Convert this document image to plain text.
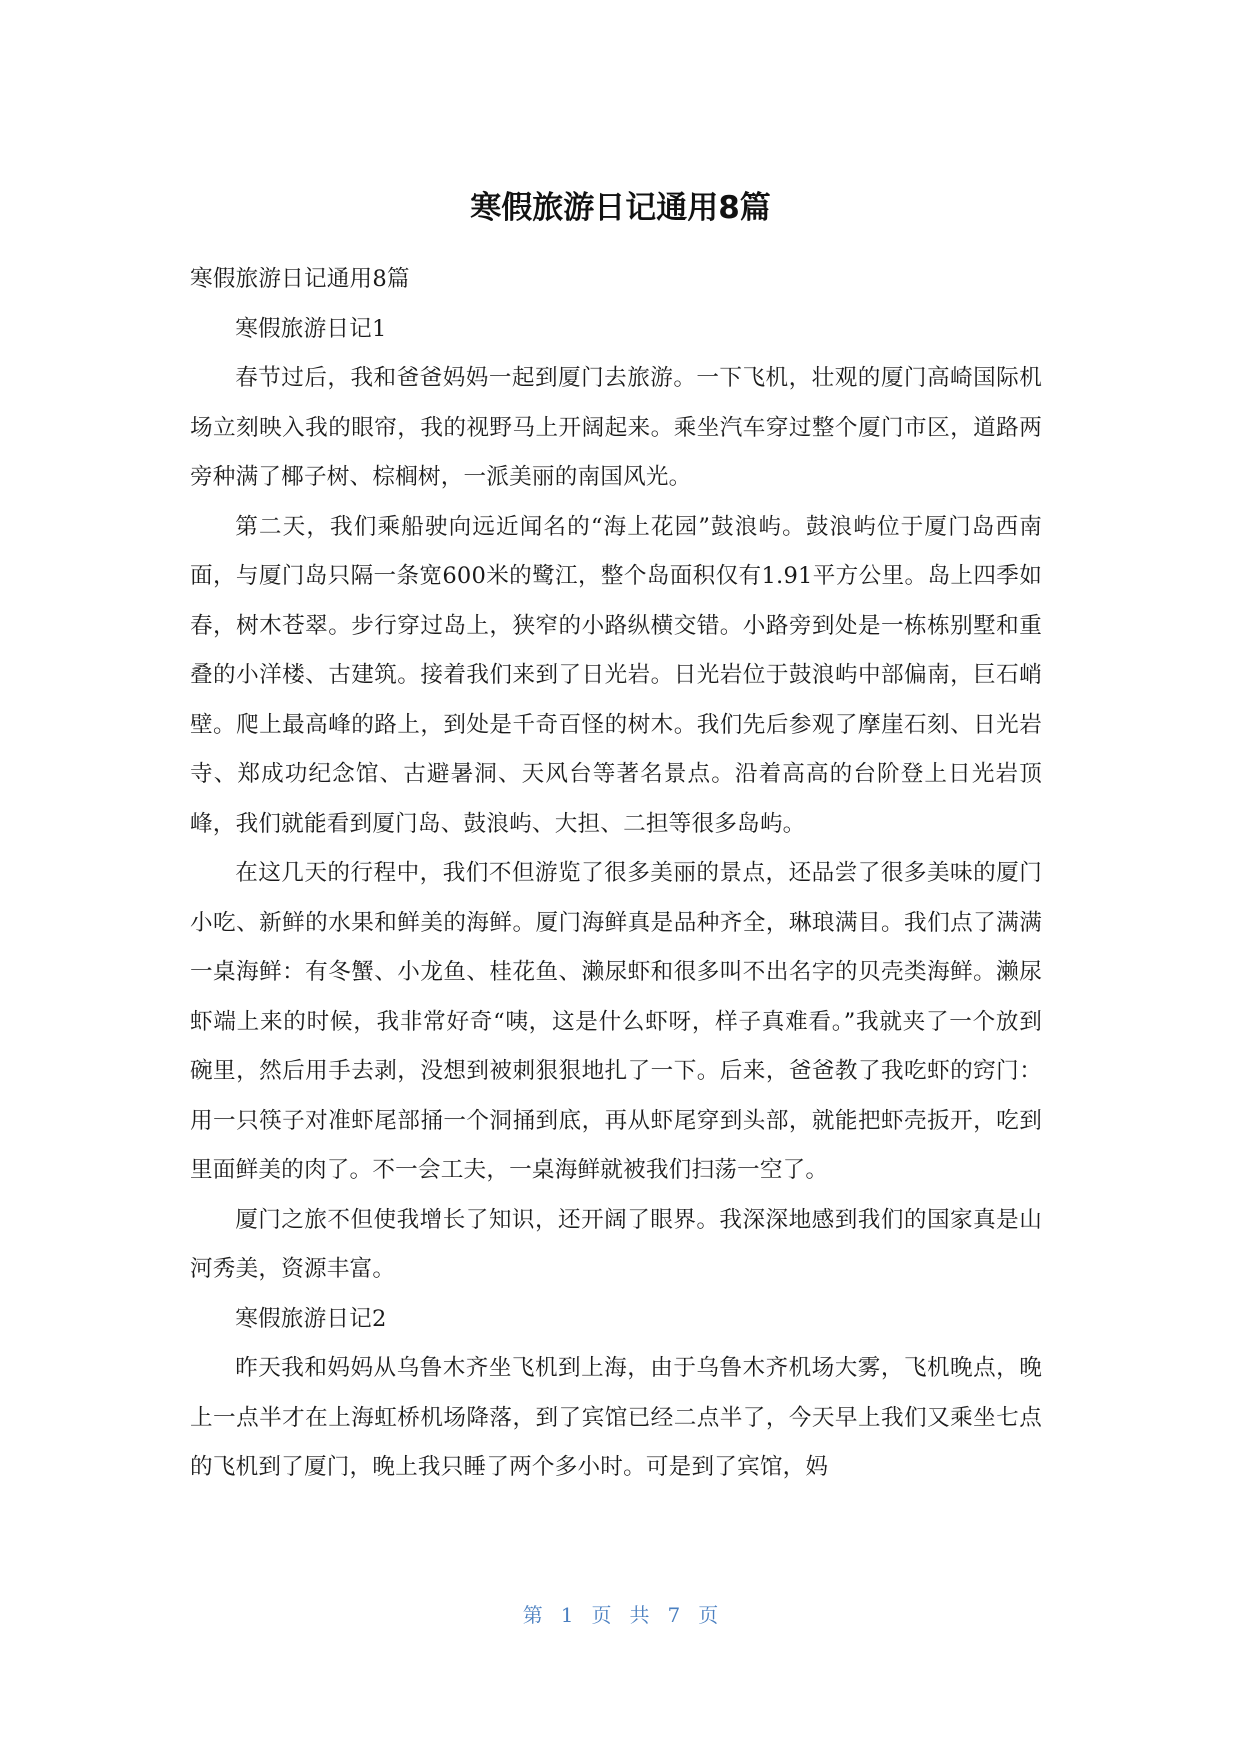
寒假旅游日记通用8篇

寒假旅游日记通用8篇

寒假旅游日记1

春节过后，我和爸爸妈妈一起到厦门去旅游。一下飞机，壮观的厦门高崎国际机场立刻映入我的眼帘，我的视野马上开阔起来。乘坐汽车穿过整个厦门市区，道路两旁种满了椰子树、棕榈树，一派美丽的南国风光。

第二天，我们乘船驶向远近闻名的“海上花园”鼓浪屿。鼓浪屿位于厦门岛西南面，与厦门岛只隔一条宽600米的鹭江，整个岛面积仅有1.91平方公里。岛上四季如春，树木苍翠。步行穿过岛上，狭窄的小路纵横交错。小路旁到处是一栋栋别墅和重叠的小洋楼、古建筑。接着我们来到了日光岩。日光岩位于鼓浪屿中部偏南，巨石峭壁。爬上最高峰的路上，到处是千奇百怪的树木。我们先后参观了摩崖石刻、日光岩寺、郑成功纪念馆、古避暑洞、天风台等著名景点。沿着高高的台阶登上日光岩顶峰，我们就能看到厦门岛、鼓浪屿、大担、二担等很多岛屿。

在这几天的行程中，我们不但游览了很多美丽的景点，还品尝了很多美味的厦门小吃、新鲜的水果和鲜美的海鲜。厦门海鲜真是品种齐全，琳琅满目。我们点了满满一桌海鲜：有冬蟹、小龙鱼、桂花鱼、濑尿虾和很多叫不出名字的贝壳类海鲜。濑尿虾端上来的时候，我非常好奇“咦，这是什么虾呀，样子真难看。”我就夹了一个放到碗里，然后用手去剥，没想到被刺狠狠地扎了一下。后来，爸爸教了我吃虾的窍门：用一只筷子对准虾尾部捅一个洞捅到底，再从虾尾穿到头部，就能把虾壳扳开，吃到里面鲜美的肉了。不一会工夫，一桌海鲜就被我们扫荡一空了。

厦门之旅不但使我增长了知识，还开阔了眼界。我深深地感到我们的国家真是山河秀美，资源丰富。

寒假旅游日记2

昨天我和妈妈从乌鲁木齐坐飞机到上海，由于乌鲁木齐机场大雾，飞机晚点，晚上一点半才在上海虹桥机场降落，到了宾馆已经二点半了，今天早上我们又乘坐七点的飞机到了厦门，晚上我只睡了两个多小时。可是到了宾馆，妈

第 1 页 共 7 页
